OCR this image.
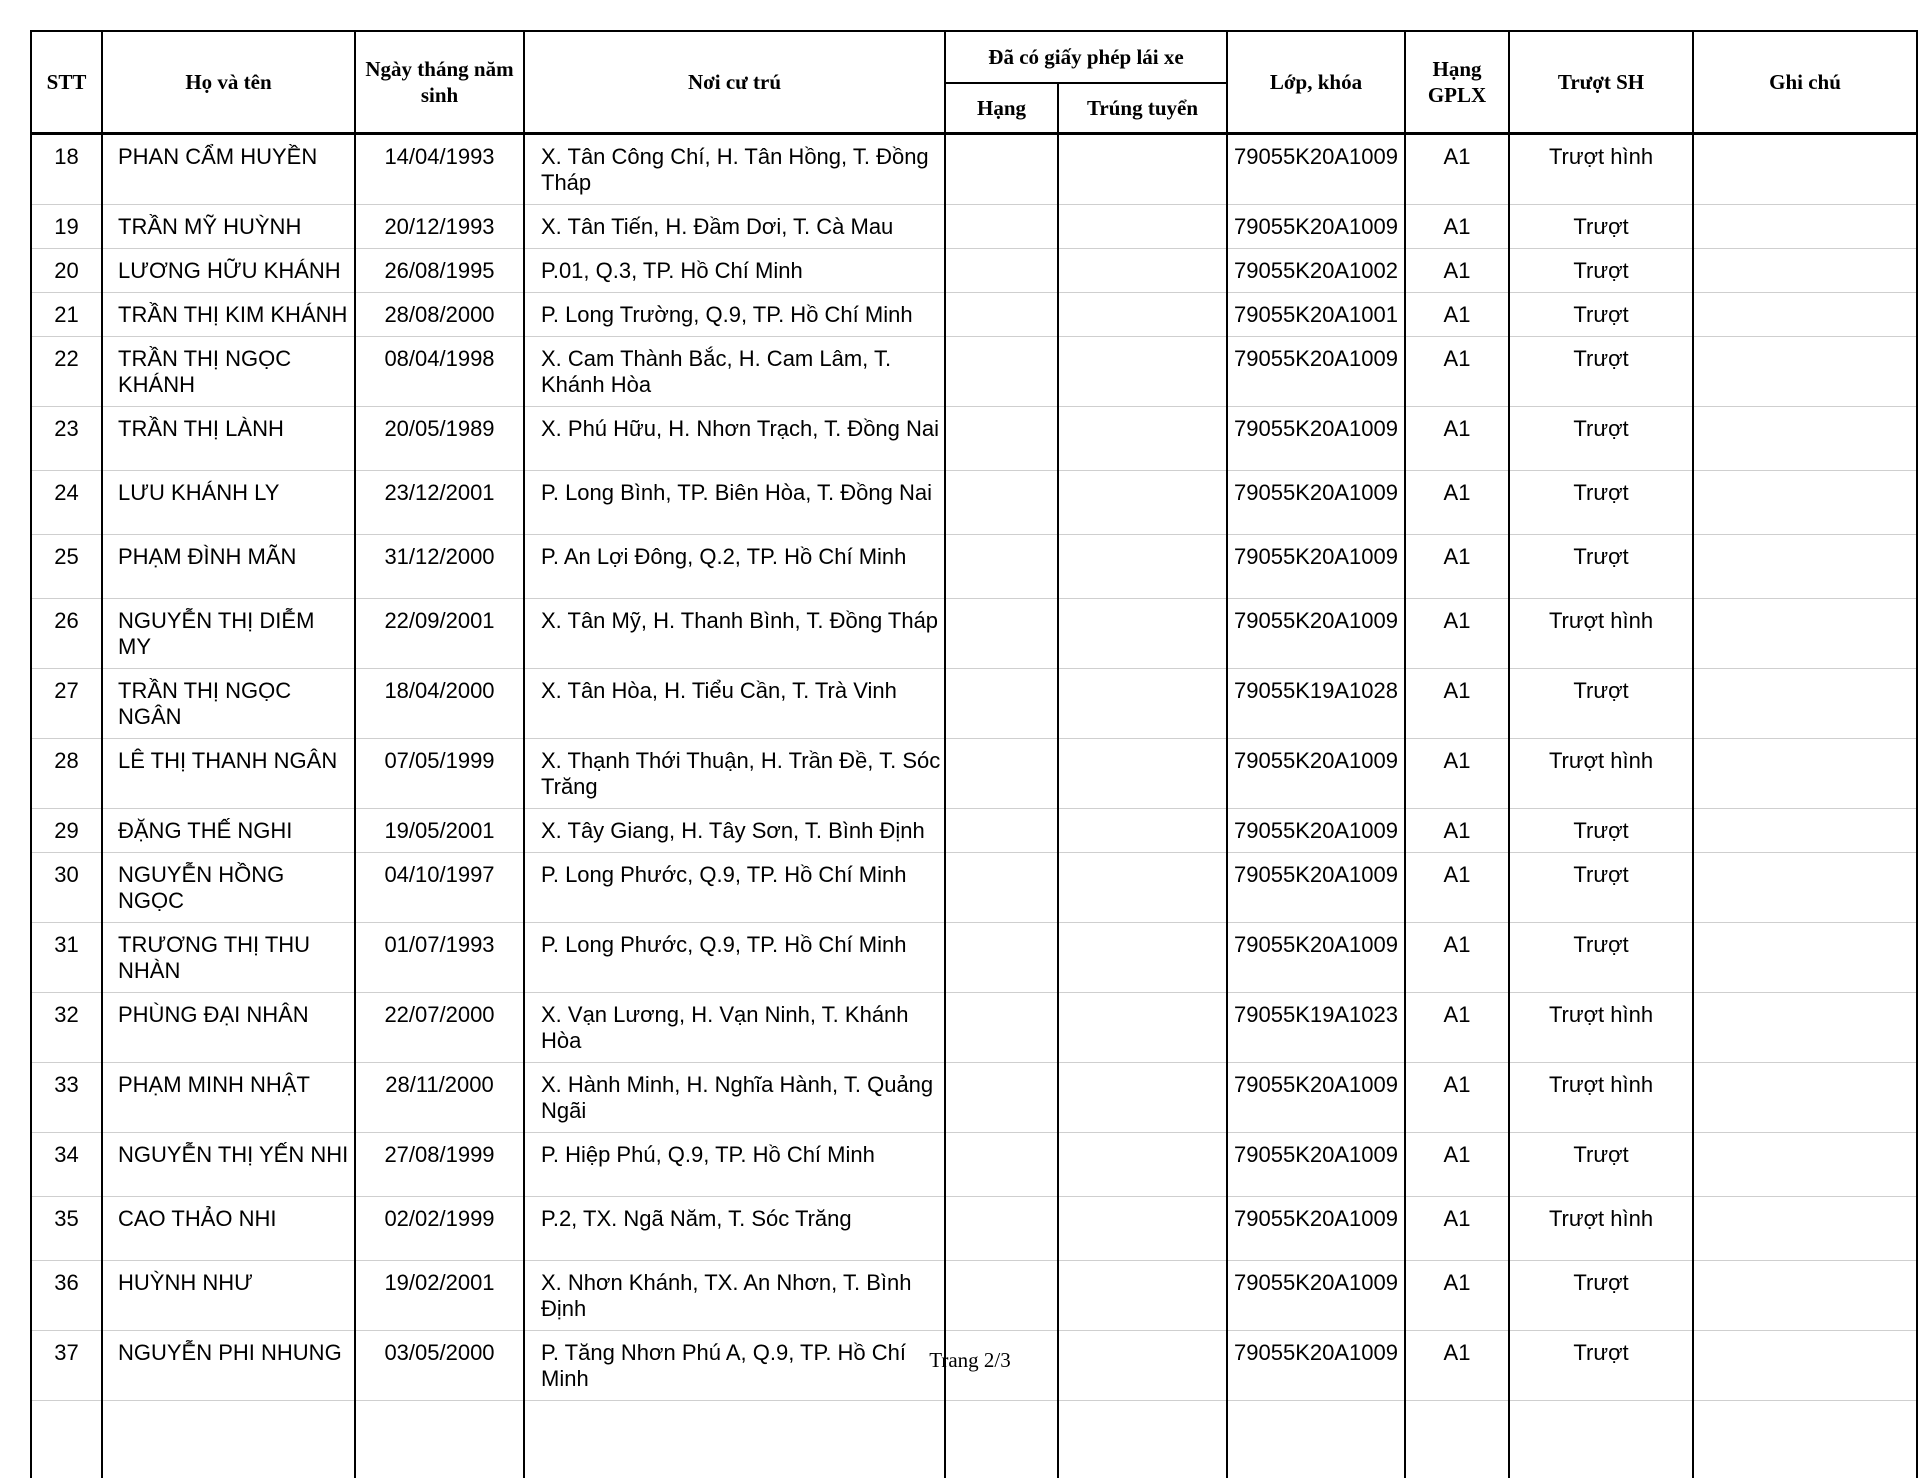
STT	Họ và tên	Ngày tháng năm sinh	Nơi cư trú	Đã có giấy phép lái xe		Lớp, khóa	Hạng GPLX	Trượt SH	Ghi chú
				Hạng	Trúng tuyển				
18	PHAN CẨM HUYỀN	14/04/1993	X. Tân Công Chí, H. Tân Hồng, T. Đồng Tháp			79055K20A1009	A1	Trượt hình	
19	TRẦN MỸ HUỲNH	20/12/1993	X. Tân Tiến, H. Đầm Dơi, T. Cà Mau			79055K20A1009	A1	Trượt	
20	LƯƠNG HỮU KHÁNH	26/08/1995	P.01, Q.3, TP. Hồ Chí Minh			79055K20A1002	A1	Trượt	
21	TRẦN THỊ KIM KHÁNH	28/08/2000	P. Long Trường, Q.9, TP. Hồ Chí Minh			79055K20A1001	A1	Trượt	
22	TRẦN THỊ NGỌC KHÁNH	08/04/1998	X. Cam Thành Bắc, H. Cam Lâm, T. Khánh Hòa			79055K20A1009	A1	Trượt	
23	TRẦN THỊ LÀNH	20/05/1989	X. Phú Hữu, H. Nhơn Trạch, T. Đồng Nai			79055K20A1009	A1	Trượt	
24	LƯU KHÁNH LY	23/12/2001	P. Long Bình, TP. Biên Hòa, T. Đồng Nai			79055K20A1009	A1	Trượt	
25	PHẠM ĐÌNH MÃN	31/12/2000	P. An Lợi Đông, Q.2, TP. Hồ Chí Minh			79055K20A1009	A1	Trượt	
26	NGUYỄN THỊ DIỄM MY	22/09/2001	X. Tân Mỹ, H. Thanh Bình, T. Đồng Tháp			79055K20A1009	A1	Trượt hình	
27	TRẦN THỊ NGỌC NGÂN	18/04/2000	X. Tân Hòa, H. Tiểu Cần, T. Trà Vinh			79055K19A1028	A1	Trượt	
28	LÊ THỊ THANH NGÂN	07/05/1999	X. Thạnh Thới Thuận, H. Trần Đề, T. Sóc Trăng			79055K20A1009	A1	Trượt hình	
29	ĐẶNG THẾ NGHI	19/05/2001	X. Tây Giang, H. Tây Sơn, T. Bình Định			79055K20A1009	A1	Trượt	
30	NGUYỄN HỒNG NGỌC	04/10/1997	P. Long Phước, Q.9, TP. Hồ Chí Minh			79055K20A1009	A1	Trượt	
31	TRƯƠNG THỊ THU NHÀN	01/07/1993	P. Long Phước, Q.9, TP. Hồ Chí Minh			79055K20A1009	A1	Trượt	
32	PHÙNG ĐẠI NHÂN	22/07/2000	X. Vạn Lương, H. Vạn Ninh, T. Khánh Hòa			79055K19A1023	A1	Trượt hình	
33	PHẠM MINH NHẬT	28/11/2000	X. Hành Minh, H. Nghĩa Hành, T. Quảng Ngãi			79055K20A1009	A1	Trượt hình	
34	NGUYỄN THỊ YẾN NHI	27/08/1999	P. Hiệp Phú, Q.9, TP. Hồ Chí Minh			79055K20A1009	A1	Trượt	
35	CAO THẢO NHI	02/02/1999	P.2, TX. Ngã Năm, T. Sóc Trăng			79055K20A1009	A1	Trượt hình	
36	HUỲNH NHƯ	19/02/2001	X. Nhơn Khánh, TX. An Nhơn, T. Bình Định			79055K20A1009	A1	Trượt	
37	NGUYỄN PHI NHUNG	03/05/2000	P. Tăng Nhơn Phú A, Q.9, TP. Hồ Chí Minh			79055K20A1009	A1	Trượt	

Trang 2/3
